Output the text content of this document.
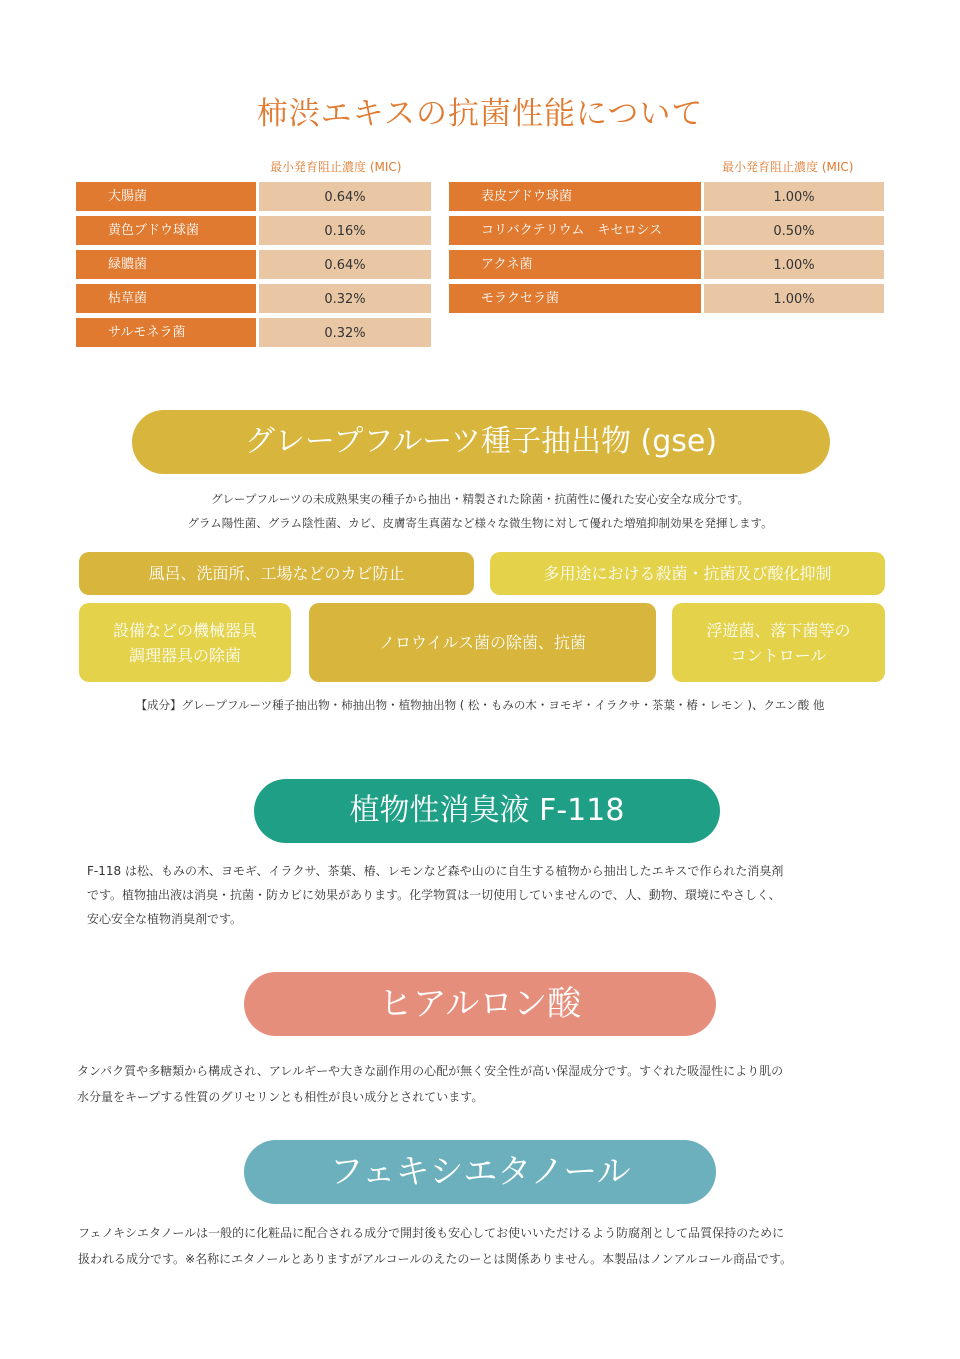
柿渋エキスの抗菌性能について
最小発育阻止濃度 (MIC)	最小発育阻止濃度 (MIC)
大腸菌	0.64%
黄色ブドウ球菌	0.16%
緑膿菌	0.64%
枯草菌	0.32%
サルモネラ菌	0.32%
表皮ブドウ球菌	1.00%
コリバクテリウム　キセロシス	0.50%
アクネ菌	1.00%
モラクセラ菌	1.00%
グレープフルーツ種子抽出物 (gse)
グレープフルーツの未成熟果実の種子から抽出・精製された除菌・抗菌性に優れた安心安全な成分です。
グラム陽性菌、グラム陰性菌、カビ、皮膚寄生真菌など様々な微生物に対して優れた増殖抑制効果を発揮します。
風呂、洗面所、工場などのカビ防止	多用途における殺菌・抗菌及び酸化抑制
設備などの機械器具
調理器具の除菌
ノロウイルス菌の除菌、抗菌
浮遊菌、落下菌等の
コントロール
【成分】グレープフルーツ種子抽出物・柿抽出物・植物抽出物 ( 松・もみの木・ヨモギ・イラクサ・茶葉・椿・レモン )、クエン酸 他
植物性消臭液 F-118
F-118 は松、もみの木、ヨモギ、イラクサ、茶葉、椿、レモンなど森や山のに自生する植物から抽出したエキスで作られた消臭剤
です。植物抽出液は消臭・抗菌・防カビに効果があります。化学物質は一切使用していませんので、人、動物、環境にやさしく、
安心安全な植物消臭剤です。
ヒアルロン酸
タンパク質や多糖類から構成され、アレルギーや大きな副作用の心配が無く安全性が高い保湿成分です。すぐれた吸湿性により肌の
水分量をキープする性質のグリセリンとも相性が良い成分とされています。
フェキシエタノール
フェノキシエタノールは一般的に化粧品に配合される成分で開封後も安心してお使いいただけるよう防腐剤として品質保持のために
扱われる成分です。※名称にエタノールとありますがアルコールのえたのーとは関係ありません。本製品はノンアルコール商品です。
